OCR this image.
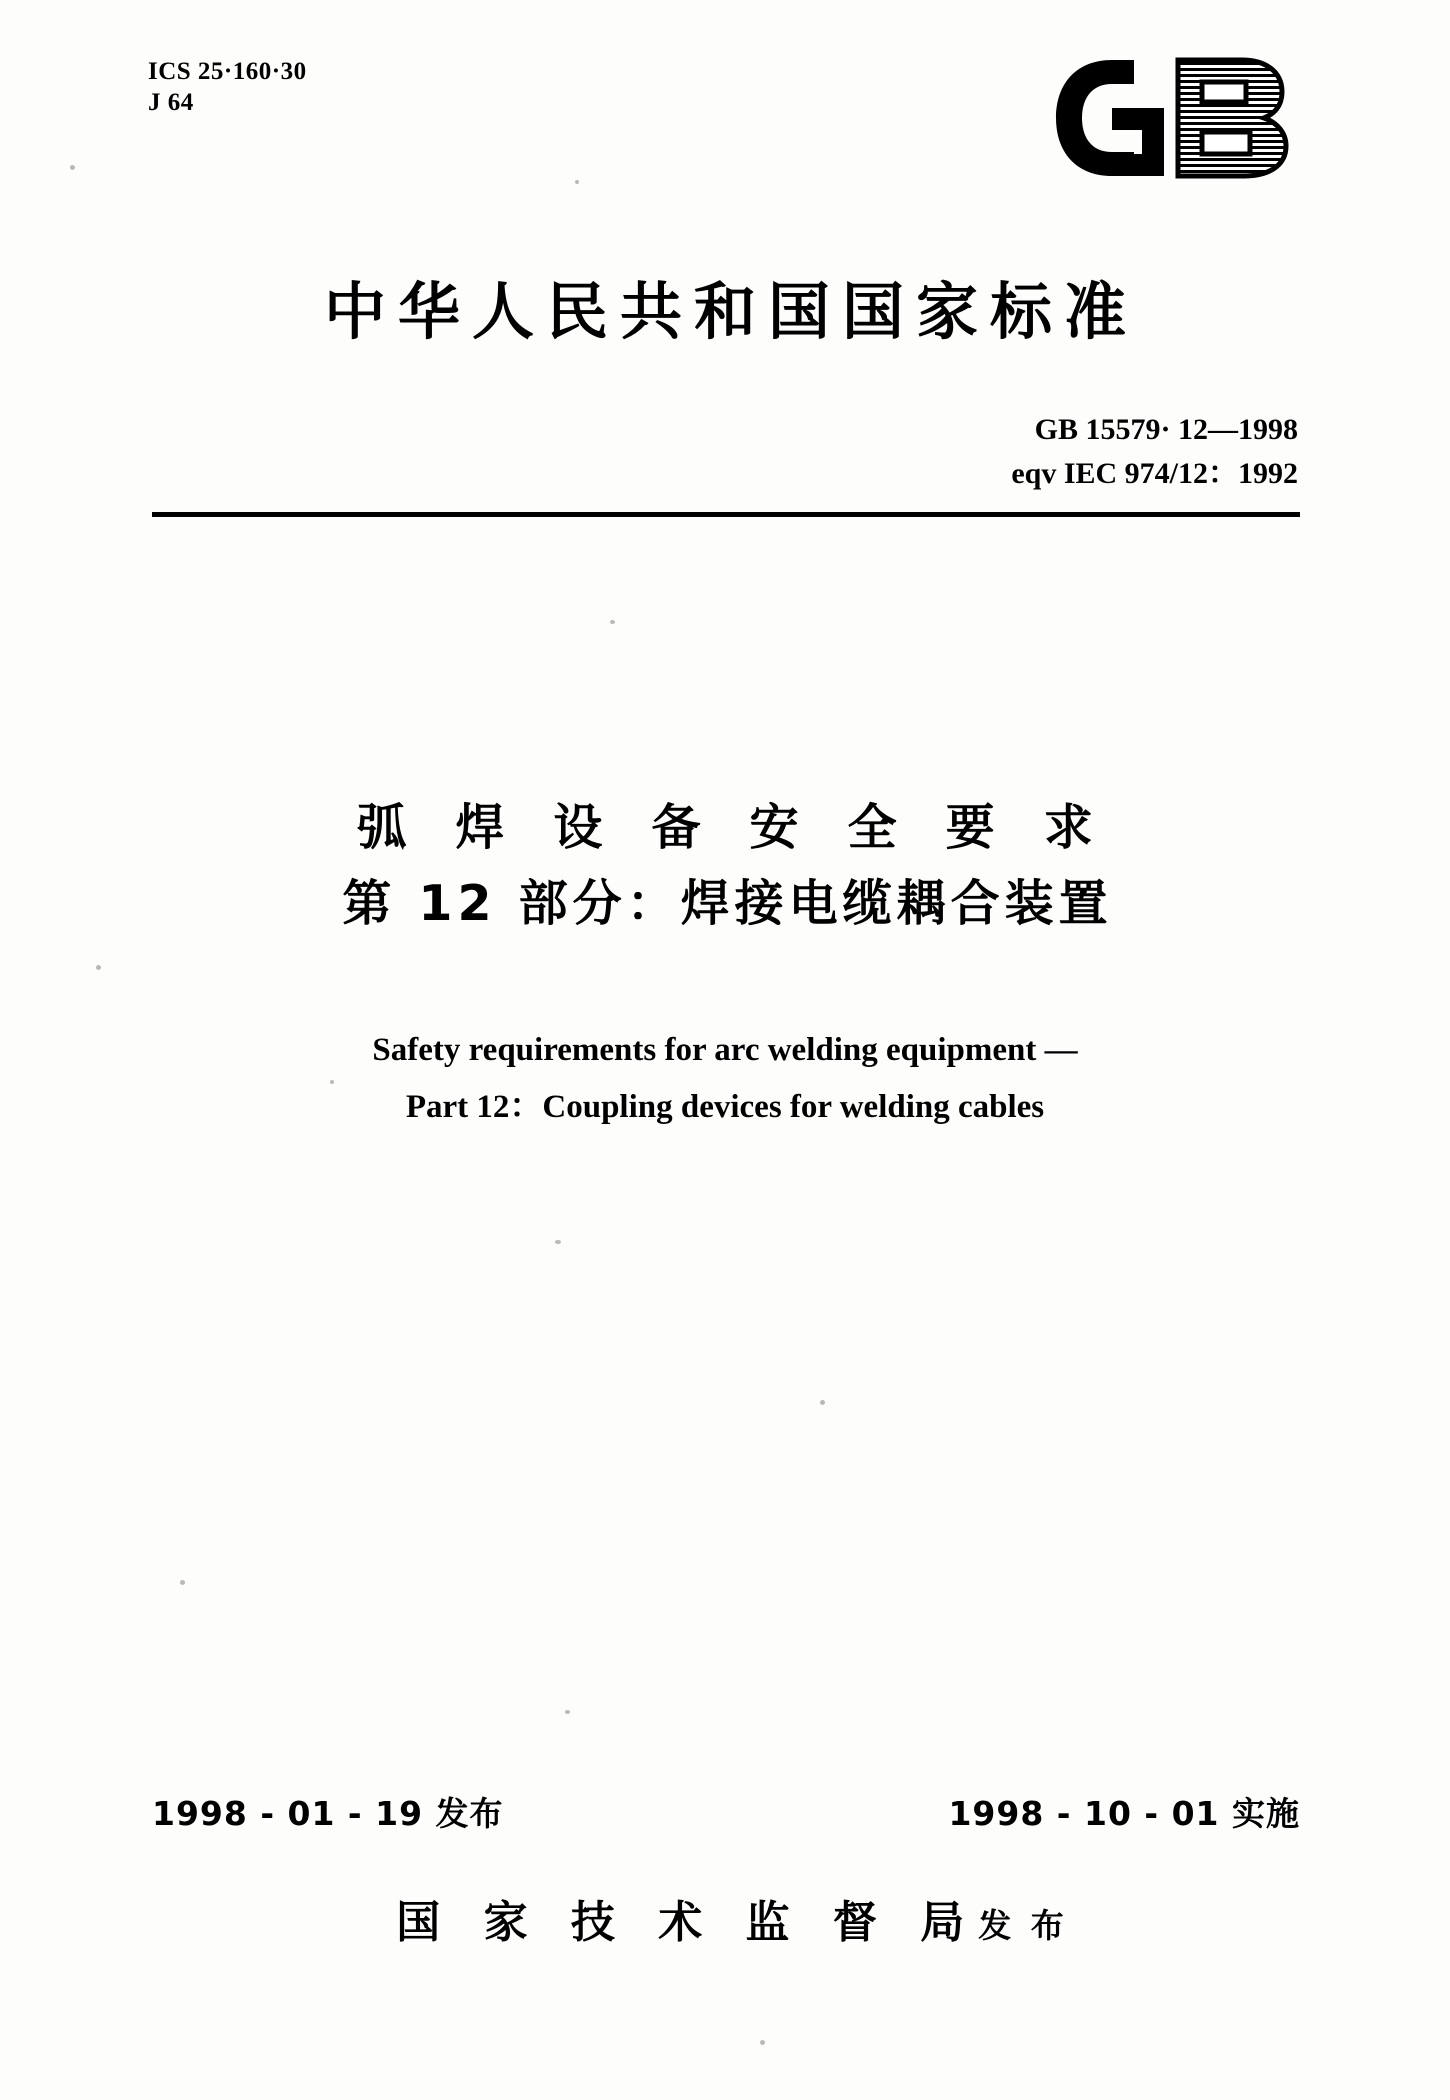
ICS 25·160·30
J 64
中华人民共和国国家标准
GB 15579· 12—1998
eqv IEC 974/12：1992
弧 焊 设 备 安 全 要 求
第 12 部分：焊接电缆耦合装置
Safety requirements for arc welding equipment —
Part 12：Coupling devices for welding cables
1998 - 01 - 19 发布	1998 - 10 - 01 实施
国 家 技 术 监 督 局发 布
